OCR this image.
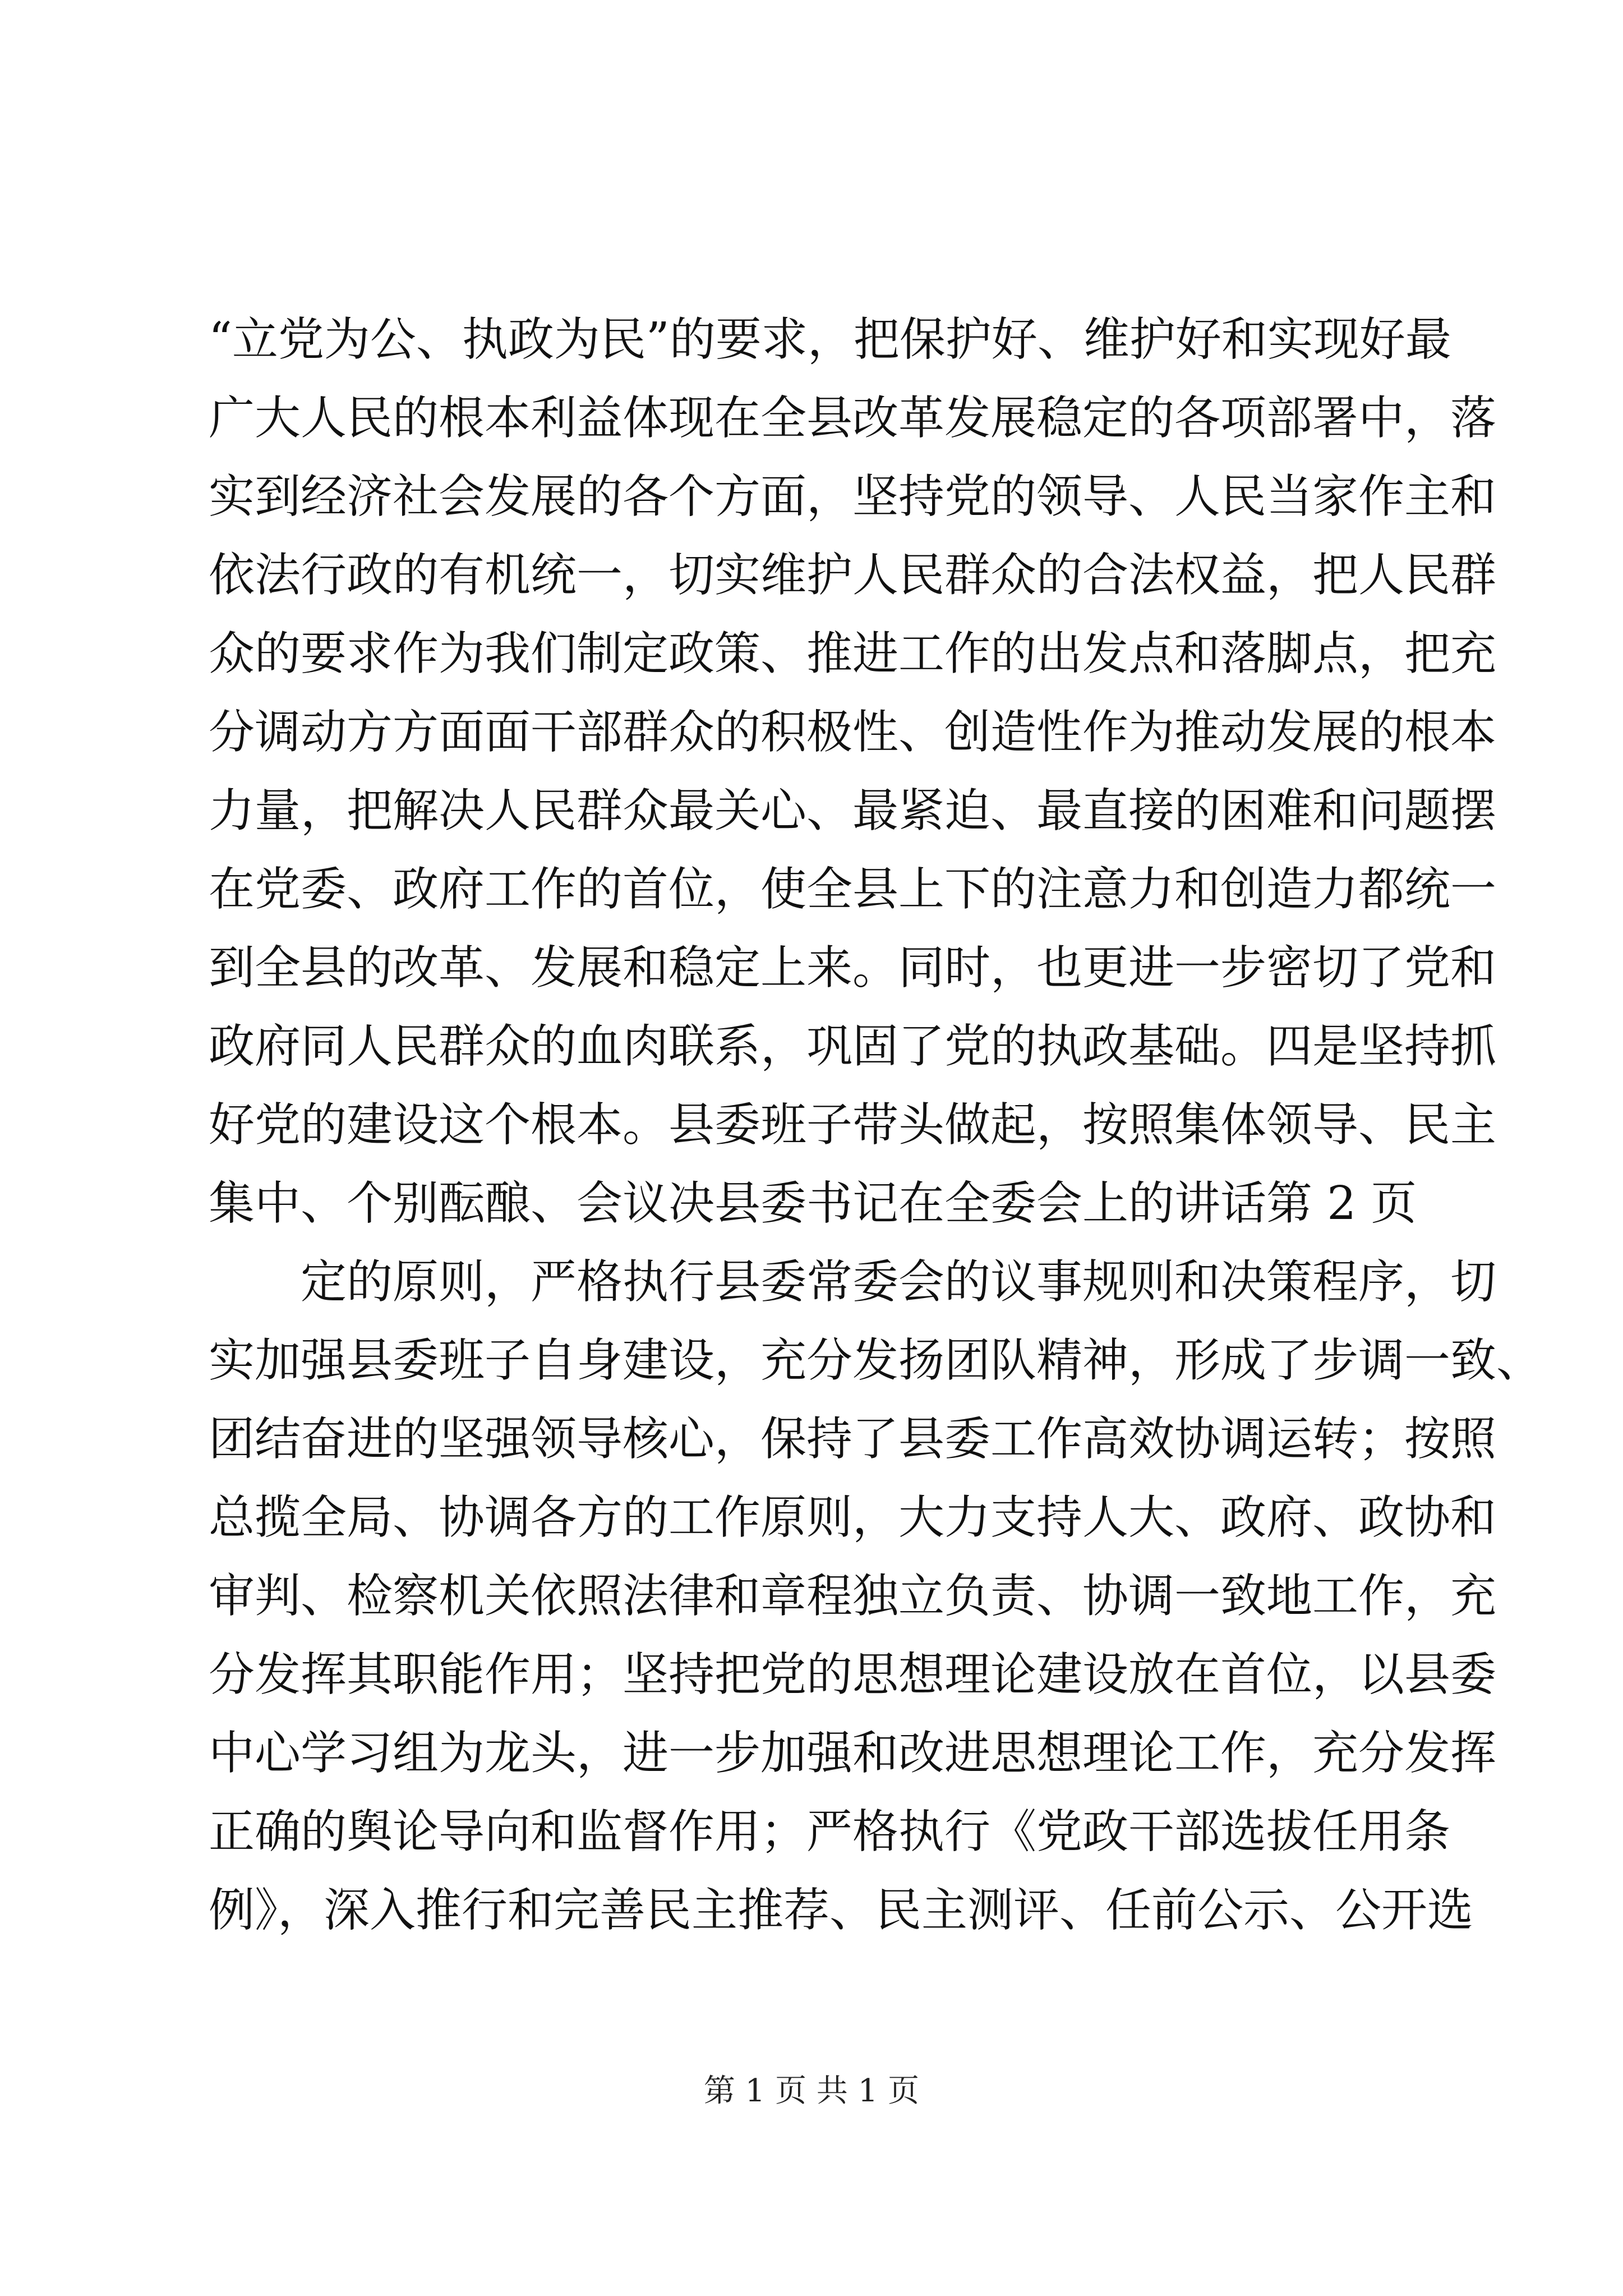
“立党为公、执政为民”的要求，把保护好、维护好和实现好最
广大人民的根本利益体现在全县改革发展稳定的各项部署中，落
实到经济社会发展的各个方面，坚持党的领导、人民当家作主和
依法行政的有机统一，切实维护人民群众的合法权益，把人民群
众的要求作为我们制定政策、推进工作的出发点和落脚点，把充
分调动方方面面干部群众的积极性、创造性作为推动发展的根本
力量，把解决人民群众最关心、最紧迫、最直接的困难和问题摆
在党委、政府工作的首位，使全县上下的注意力和创造力都统一
到全县的改革、发展和稳定上来。同时，也更进一步密切了党和
政府同人民群众的血肉联系，巩固了党的执政基础。四是坚持抓
好党的建设这个根本。县委班子带头做起，按照集体领导、民主
集中、个别酝酿、会议决县委书记在全委会上的讲话第 2 页
定的原则，严格执行县委常委会的议事规则和决策程序，切
实加强县委班子自身建设，充分发扬团队精神，形成了步调一致、
团结奋进的坚强领导核心，保持了县委工作高效协调运转；按照
总揽全局、协调各方的工作原则，大力支持人大、政府、政协和
审判、检察机关依照法律和章程独立负责、协调一致地工作，充
分发挥其职能作用；坚持把党的思想理论建设放在首位，以县委
中心学习组为龙头，进一步加强和改进思想理论工作，充分发挥
正确的舆论导向和监督作用；严格执行《党政干部选拔任用条
例》，深入推行和完善民主推荐、民主测评、任前公示、公开选
第 1 页 共 1 页
